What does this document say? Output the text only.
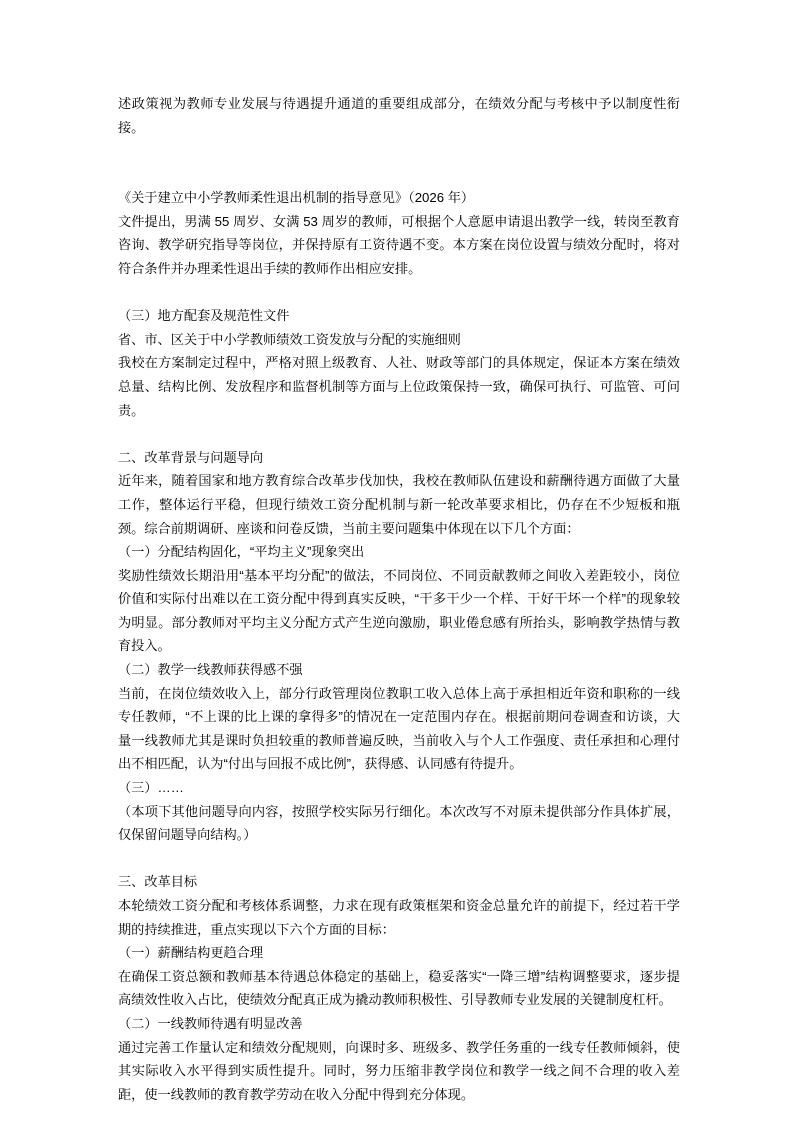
述政策视为教师专业发展与待遇提升通道的重要组成部分，在绩效分配与考核中予以制度性衔接。

《关于建立中小学教师柔性退出机制的指导意见》（2026 年）

文件提出，男满 55 周岁、女满 53 周岁的教师，可根据个人意愿申请退出教学一线，转岗至教育咨询、教学研究指导等岗位，并保持原有工资待遇不变。本方案在岗位设置与绩效分配时，将对符合条件并办理柔性退出手续的教师作出相应安排。

（三）地方配套及规范性文件

省、市、区关于中小学教师绩效工资发放与分配的实施细则

我校在方案制定过程中，严格对照上级教育、人社、财政等部门的具体规定，保证本方案在绩效总量、结构比例、发放程序和监督机制等方面与上位政策保持一致，确保可执行、可监管、可问责。

二、改革背景与问题导向

近年来，随着国家和地方教育综合改革步伐加快，我校在教师队伍建设和薪酬待遇方面做了大量工作，整体运行平稳，但现行绩效工资分配机制与新一轮改革要求相比，仍存在不少短板和瓶颈。综合前期调研、座谈和问卷反馈，当前主要问题集中体现在以下几个方面：

（一）分配结构固化，“平均主义”现象突出

奖励性绩效长期沿用“基本平均分配”的做法，不同岗位、不同贡献教师之间收入差距较小，岗位价值和实际付出难以在工资分配中得到真实反映，“干多干少一个样、干好干坏一个样”的现象较为明显。部分教师对平均主义分配方式产生逆向激励，职业倦怠感有所抬头，影响教学热情与教育投入。

（二）教学一线教师获得感不强

当前，在岗位绩效收入上，部分行政管理岗位教职工收入总体上高于承担相近年资和职称的一线专任教师，“不上课的比上课的拿得多”的情况在一定范围内存在。根据前期问卷调查和访谈，大量一线教师尤其是课时负担较重的教师普遍反映，当前收入与个人工作强度、责任承担和心理付出不相匹配，认为“付出与回报不成比例”，获得感、认同感有待提升。

（三）……

（本项下其他问题导向内容，按照学校实际另行细化。本次改写不对原未提供部分作具体扩展，仅保留问题导向结构。）

三、改革目标

本轮绩效工资分配和考核体系调整，力求在现有政策框架和资金总量允许的前提下，经过若干学期的持续推进，重点实现以下六个方面的目标：

（一）薪酬结构更趋合理

在确保工资总额和教师基本待遇总体稳定的基础上，稳妥落实“一降三增”结构调整要求，逐步提高绩效性收入占比，使绩效分配真正成为撬动教师积极性、引导教师专业发展的关键制度杠杆。

（二）一线教师待遇有明显改善

通过完善工作量认定和绩效分配规则，向课时多、班级多、教学任务重的一线专任教师倾斜，使其实际收入水平得到实质性提升。同时，努力压缩非教学岗位和教学一线之间不合理的收入差距，使一线教师的教育教学劳动在收入分配中得到充分体现。
